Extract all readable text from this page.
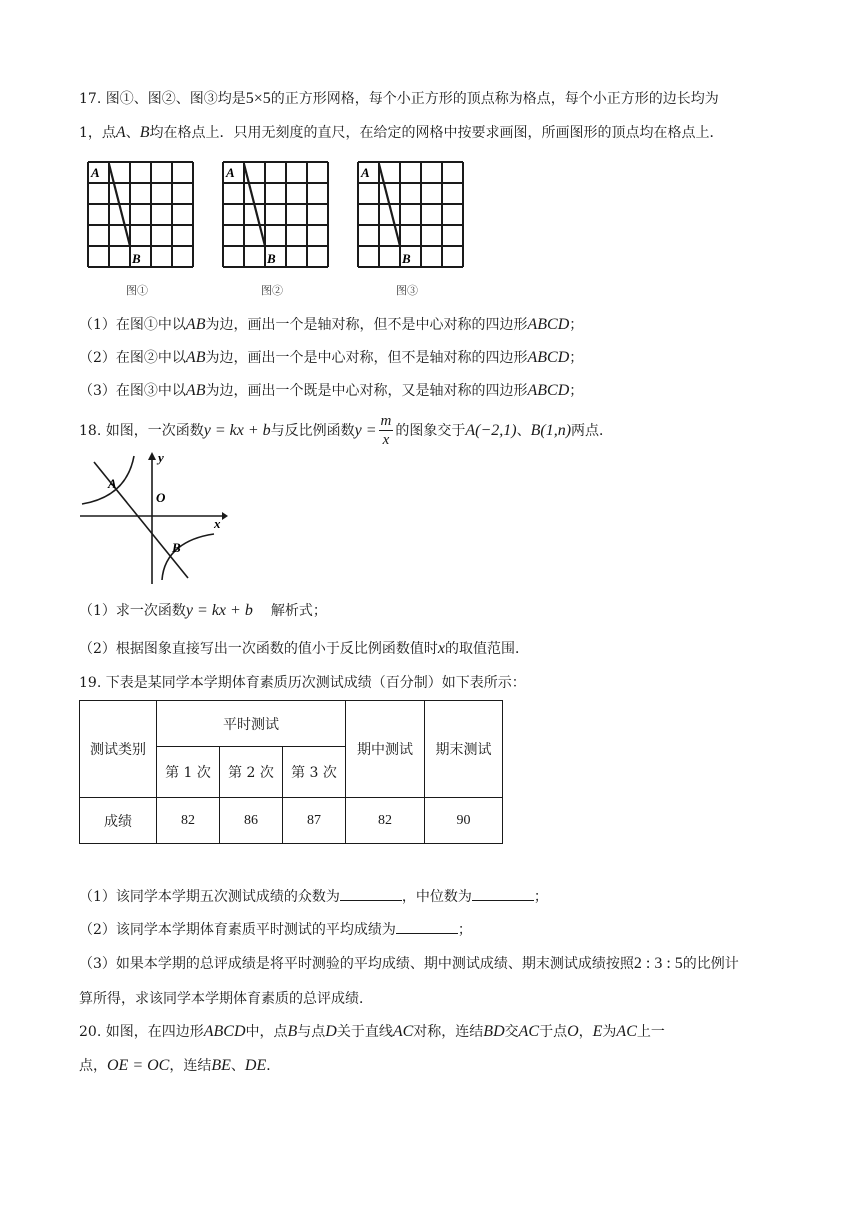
17. 图①、图②、图③均是5×5的正方形网格，每个小正方形的顶点称为格点，每个小正方形的边长均为
1，点A、B均在格点上．只用无刻度的直尺，在给定的网格中按要求画图，所画图形的顶点均在格点上．
A
B
图①
A
B
图②
A
B
图③
（1）在图①中以AB为边，画出一个是轴对称，但不是中心对称的四边形ABCD；
（2）在图②中以AB为边，画出一个是中心对称，但不是轴对称的四边形ABCD；
（3）在图③中以AB为边，画出一个既是中心对称，又是轴对称的四边形ABCD；
18. 如图，一次函数y = kx + b与反比例函数$y = \frac{m}{x}$ 的图象交于A(−2,1)、B(1,n)两点．
y
x
O
A
B
（1）求一次函数y = kx + b 解析式；
（2）根据图象直接写出一次函数的值小于反比例函数值时x的取值范围．
19. 下表是某同学本学期体育素质历次测试成绩（百分制）如下表所示：
测试类别	平时测试			期中测试	期末测试
	第 1 次	第 2 次	第 3 次		
成绩	82	86	87	82	90
（1）该同学本学期五次测试成绩的众数为	，中位数为	；
（2）该同学本学期体育素质平时测试的平均成绩为	；
（3）如果本学期的总评成绩是将平时测验的平均成绩、期中测试成绩、期末测试成绩按照2 : 3 : 5的比例计
算所得，求该同学本学期体育素质的总评成绩．
20. 如图，在四边形ABCD中，点B与点D关于直线AC对称，连结BD交AC于点O，E为AC上一
点，OE = OC，连结BE、DE．
